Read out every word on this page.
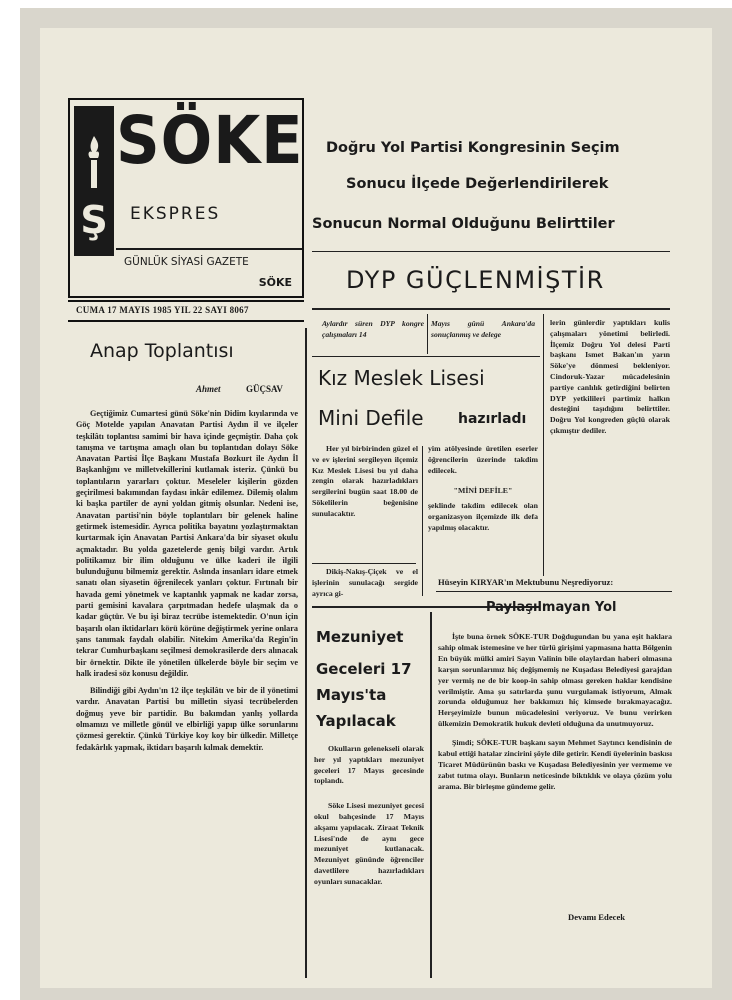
Ş
SÖKE
EKSPRES
GÜNLÜK SİYASİ GAZETE
SÖKE
CUMA 17 MAYIS 1985 YIL 22 SAYI 8067
Doğru Yol Partisi Kongresinin Seçim
Sonucu İlçede Değerlendirilerek
Sonucun Normal Olduğunu Belirttiler
DYP GÜÇLENMİŞTİR
Aylardır süren DYP kongre çalışmaları 14
Mayıs günü Ankara'da sonuçlanmış ve delege
lerin günlerdir yaptıkları kulis çalışmaları yönetimi belirledi. İlçemiz Doğru Yol delesi Parti başkanı Ismet Bakan'ın yarın Söke'ye dönmesi bekleniyor. Cindoruk-Yazar mücadelesinin partiye canlılık getirdiğini belirten DYP yetkilileri partimiz halkın desteğini taşıdığını belirttiler. Doğru Yol kongreden güçlü olarak çıkmıştır dediler.
Anap Toplantısı
Ahmet	GÜÇSAV

Geçtiğimiz Cumartesi günü Söke'nin Didim kıyılarında ve Göç Motelde yapılan Anavatan Partisi Aydın il ve ilçeler teşkilâtı toplantısı samimi bir hava içinde geçmiştir. Daha çok tanışma ve tartışma amaçlı olan bu toplantıdan dolayı Söke Anavatan Partisi İlçe Başkanı Mustafa Bozkurt ile Aydın İl Başkanlığını ve milletvekillerini kutlamak isteriz. Çünkü bu toplantıların yararları çoktur. Meseleler kişilerin gözden geçirilmesi bakımından faydası inkâr edilemez. Dilemiş olalım ki başka partiler de ayni yoldan gitmiş olsunlar. Nedeni ise, Anavatan partisi'nin böyle toplantıları bir gelenek haline getirmek istemesidir. Ayrıca politika bayatını yozlaştırmaktan kurtarmak için Anavatan Partisi Ankara'da bir siyaset okulu açmaktadır. Bu yolda gazetelerde geniş bilgi vardır. Artık politikamız bir ilim olduğunu ve ülke kaderi ile ilgili bulunduğunu bilmemiz gerektir. Aslında insanları idare etmek sanatı olan siyasetin öğrenilecek yanları çoktur. Fırtınalı bir havada gemi yönetmek ve kaptanlık yapmak ne kadar zorsa, parti gemisini kavalara çarpıtmadan hedefe ulaşmak da o kadar güçtür. Ve bu işi biraz tecrübe istemektedir. O'nun için başarılı olan iktidarları körü körüne değiştirmek yerine onlara şans tanımak faydalı olabilir. Nitekim Amerika'da Regin'in tekrar Cumhurbaşkanı seçilmesi demokrasilerde ders alınacak bir örnektir. Dikte ile yönetilen ülkelerde böyle bir seçim ve halk iradesi söz konusu değildir.

Bilindiği gibi Aydın'ın 12 ilçe teşkilâtı ve bir de il yönetimi vardır. Anavatan Partisi bu milletin siyasi tecrübelerden doğmuş yeve bir partidir. Bu bakımdan yanlış yollarda olmamızı ve milletle gönül ve elbirliği yapıp ülke sorunlarını çözmesi gerektir. Çünkü Türkiye koy koy bir ülkedir. Milletçe fedakârlık yapmak, iktidarı başarılı kılmak demektir.

Kız Meslek Lisesi
Mini Defile hazırladı

Her yıl birbirinden güzel el ve ev işlerini sergileyen ilçemiz Kız Meslek Lisesi bu yıl daha zengin olarak hazırladıkları sergilerini bugün saat 18.00 de Sökelilerin beğenisine sunulacaktır.

Dikiş-Nakış-Çiçek ve el işlerinin sunulacağı sergide ayrıca gi-

yim atölyesinde üretilen eserler öğrencilerin üzerinde takdim edilecek.

"MİNİ DEFİLE"

şeklinde takdim edilecek olan organizasyon ilçemizde ilk defa yapılmış olacaktır.

Mezuniyet
Geceleri 17
Mayıs'ta
Yapılacak

Okulların gelenekseli olarak her yıl yaptıkları mezuniyet geceleri 17 Mayıs gecesinde toplandı.

Söke Lisesi mezuniyet gecesi okul bahçesinde 17 Mayıs akşamı yapılacak. Ziraat Teknik Lisesi'nde de aynı gece mezuniyet kutlanacak. Mezuniyet gününde öğrenciler davetlilere hazırladıkları oyunları sunacaklar.

Hüseyin KIRYAR'ın Mektubunu Neşrediyoruz:
Paylaşılmayan Yol

İşte buna örnek SÖKE-TUR Doğdugundan bu yana eşit haklara sahip olmak istemesine ve her türlü girişimi yapmasına hatta Bölgenin En büyük mülki amiri Sayın Valinin bile olaylardan haberi olmasına karşın sorunlarımız hiç değişmemiş ne Kuşadası Belediyesi garajdan yer vermiş ne de bir koop-in sahip olması gereken haklar kendisine verilmiştir. Ama şu satırlarda şunu vurgulamak istiyorum, Almak zorunda olduğumuz her bakkımızı hiç kimsede bırakmayacağız. Herşeyimizle bunun mücadelesini veriyoruz. Ve bunu verirken ülkemizin Demokratik hukuk devleti olduğuna da unutmuyoruz.

Şimdi; SÖKE-TUR başkanı sayın Mehmet Saytıncı kendisinin de kabul ettiği hatalar zincirini şöyle dile getirir. Kendi üyelerinin baskısı Ticaret Müdürünün baskı ve Kuşadası Belediyesinin yer vermeme ve zabıt tutma olayı. Bunların neticesinde biktıklık ve olaya çözüm yolu arama. Bir birleşme gündeme gelir.

Devamı Edecek
